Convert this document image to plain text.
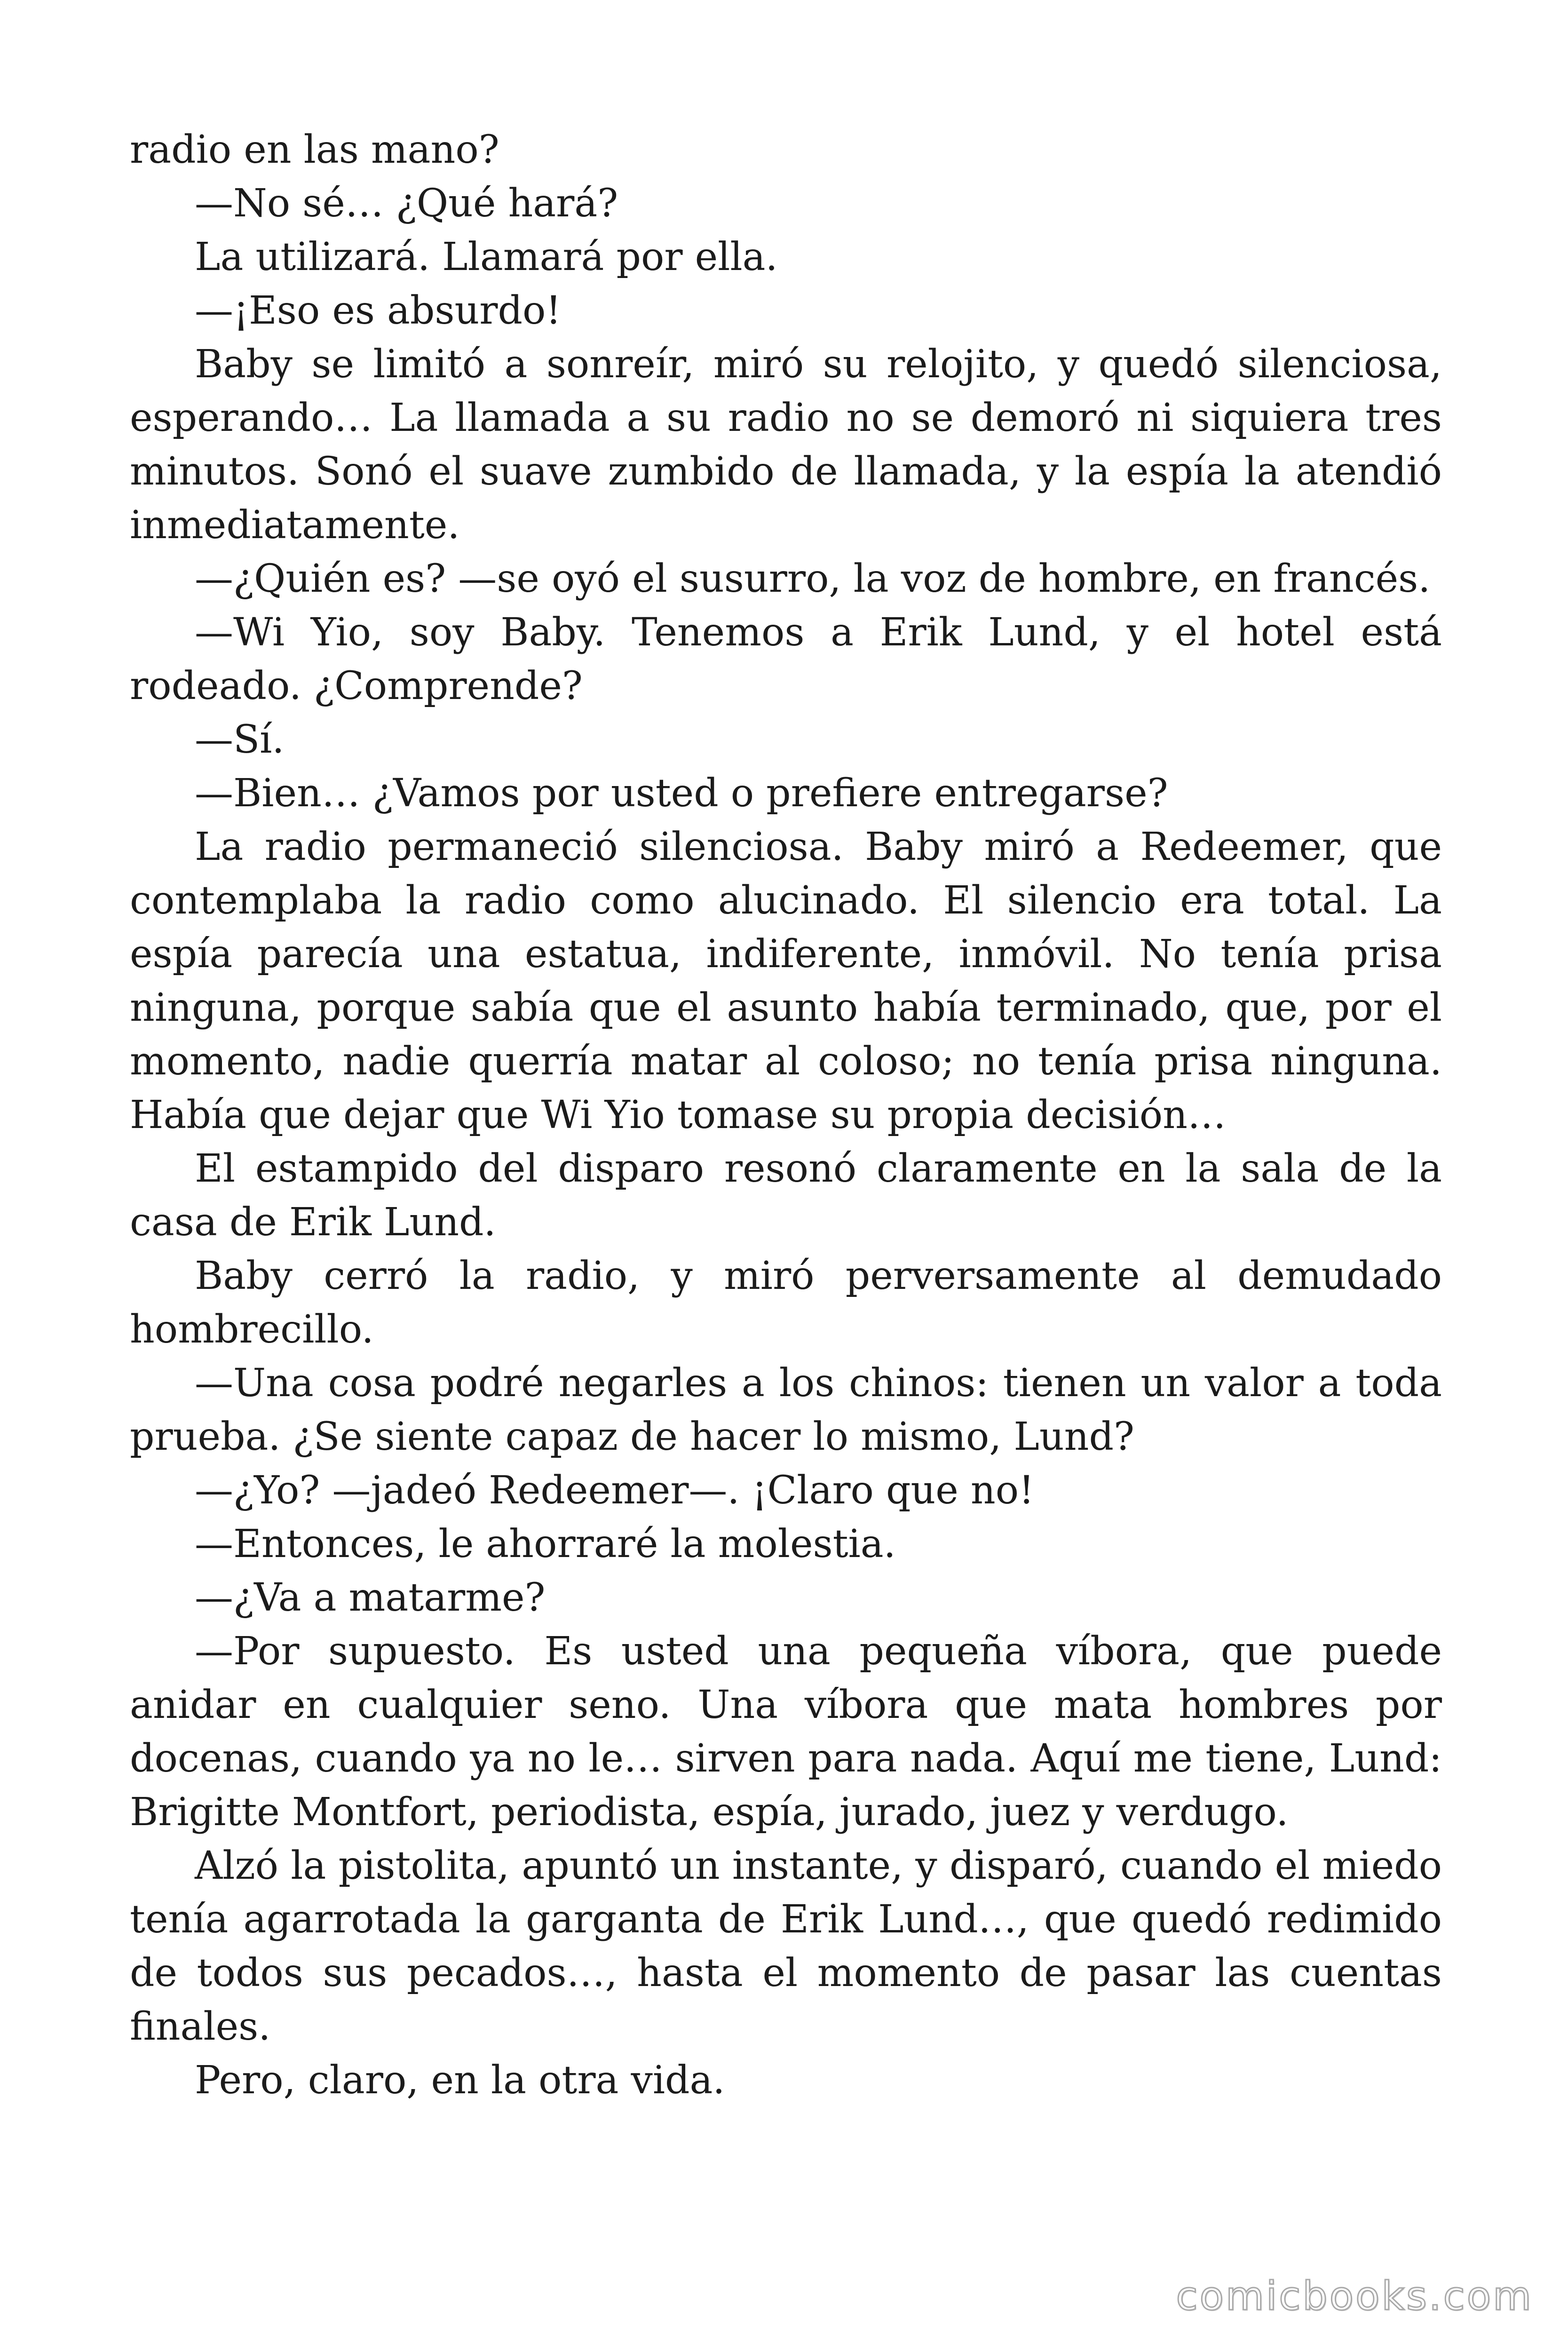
radio en las mano?

—No sé… ¿Qué hará?

La utilizará. Llamará por ella.

—¡Eso es absurdo!

Baby se limitó a sonreír, miró su relojito, y quedó silenciosa, esperando… La llamada a su radio no se demoró ni siquiera tres minutos. Sonó el suave zumbido de llamada, y la espía la atendió inmediatamente.

—¿Quién es? —se oyó el susurro, la voz de hombre, en francés.

—Wi Yio, soy Baby. Tenemos a Erik Lund, y el hotel está rodeado. ¿Comprende?

—Sí.

—Bien… ¿Vamos por usted o prefiere entregarse?

La radio permaneció silenciosa. Baby miró a Redeemer, que contemplaba la radio como alucinado. El silencio era total. La espía parecía una estatua, indiferente, inmóvil. No tenía prisa ninguna, porque sabía que el asunto había terminado, que, por el momento, nadie querría matar al coloso; no tenía prisa ninguna. Había que dejar que Wi Yio tomase su propia decisión…

El estampido del disparo resonó claramente en la sala de la casa de Erik Lund.

Baby cerró la radio, y miró perversamente al demudado hombrecillo.

—Una cosa podré negarles a los chinos: tienen un valor a toda prueba. ¿Se siente capaz de hacer lo mismo, Lund?

—¿Yo? —jadeó Redeemer—. ¡Claro que no!

—Entonces, le ahorraré la molestia.

—¿Va a matarme?

—Por supuesto. Es usted una pequeña víbora, que puede anidar en cualquier seno. Una víbora que mata hombres por docenas, cuando ya no le… sirven para nada. Aquí me tiene, Lund: Brigitte Montfort, periodista, espía, jurado, juez y verdugo.

Alzó la pistolita, apuntó un instante, y disparó, cuando el miedo tenía agarrotada la garganta de Erik Lund…, que quedó redimido de todos sus pecados…, hasta el momento de pasar las cuentas finales.

Pero, claro, en la otra vida.

comicbooks.com
